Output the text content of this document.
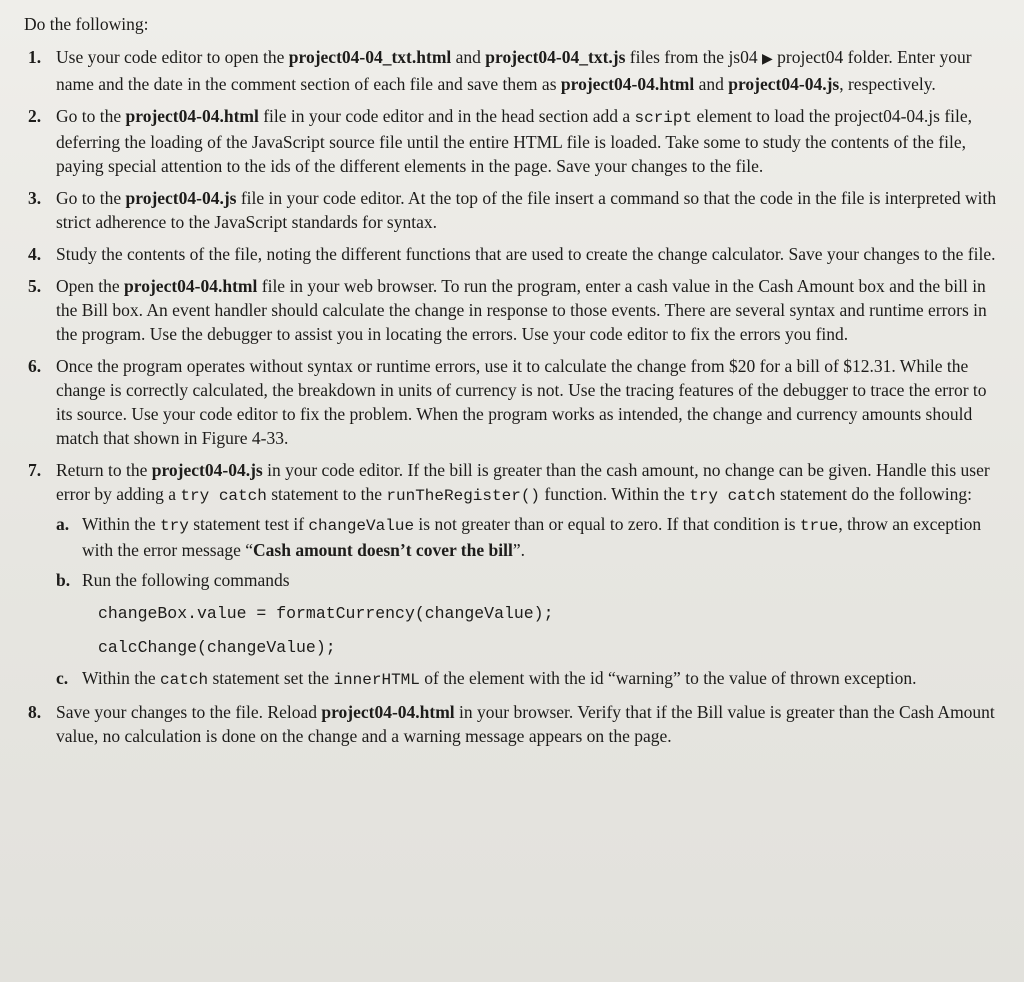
Do the following:
1. Use your code editor to open the project04-04_txt.html and project04-04_txt.js files from the js04 ▶ project04 folder. Enter your name and the date in the comment section of each file and save them as project04-04.html and project04-04.js, respectively.
2. Go to the project04-04.html file in your code editor and in the head section add a script element to load the project04-04.js file, deferring the loading of the JavaScript source file until the entire HTML file is loaded. Take some to study the contents of the file, paying special attention to the ids of the different elements in the page. Save your changes to the file.
3. Go to the project04-04.js file in your code editor. At the top of the file insert a command so that the code in the file is interpreted with strict adherence to the JavaScript standards for syntax.
4. Study the contents of the file, noting the different functions that are used to create the change calculator. Save your changes to the file.
5. Open the project04-04.html file in your web browser. To run the program, enter a cash value in the Cash Amount box and the bill in the Bill box. An event handler should calculate the change in response to those events. There are several syntax and runtime errors in the program. Use the debugger to assist you in locating the errors. Use your code editor to fix the errors you find.
6. Once the program operates without syntax or runtime errors, use it to calculate the change from $20 for a bill of $12.31. While the change is correctly calculated, the breakdown in units of currency is not. Use the tracing features of the debugger to trace the error to its source. Use your code editor to fix the problem. When the program works as intended, the change and currency amounts should match that shown in Figure 4-33.
7. Return to the project04-04.js in your code editor. If the bill is greater than the cash amount, no change can be given. Handle this user error by adding a try catch statement to the runTheRegister() function. Within the try catch statement do the following:
a. Within the try statement test if changeValue is not greater than or equal to zero. If that condition is true, throw an exception with the error message “Cash amount doesn’t cover the bill”.
b. Run the following commands
changeBox.value = formatCurrency(changeValue);
calcChange(changeValue);
c. Within the catch statement set the innerHTML of the element with the id “warning” to the value of thrown exception.
8. Save your changes to the file. Reload project04-04.html in your browser. Verify that if the Bill value is greater than the Cash Amount value, no calculation is done on the change and a warning message appears on the page.
